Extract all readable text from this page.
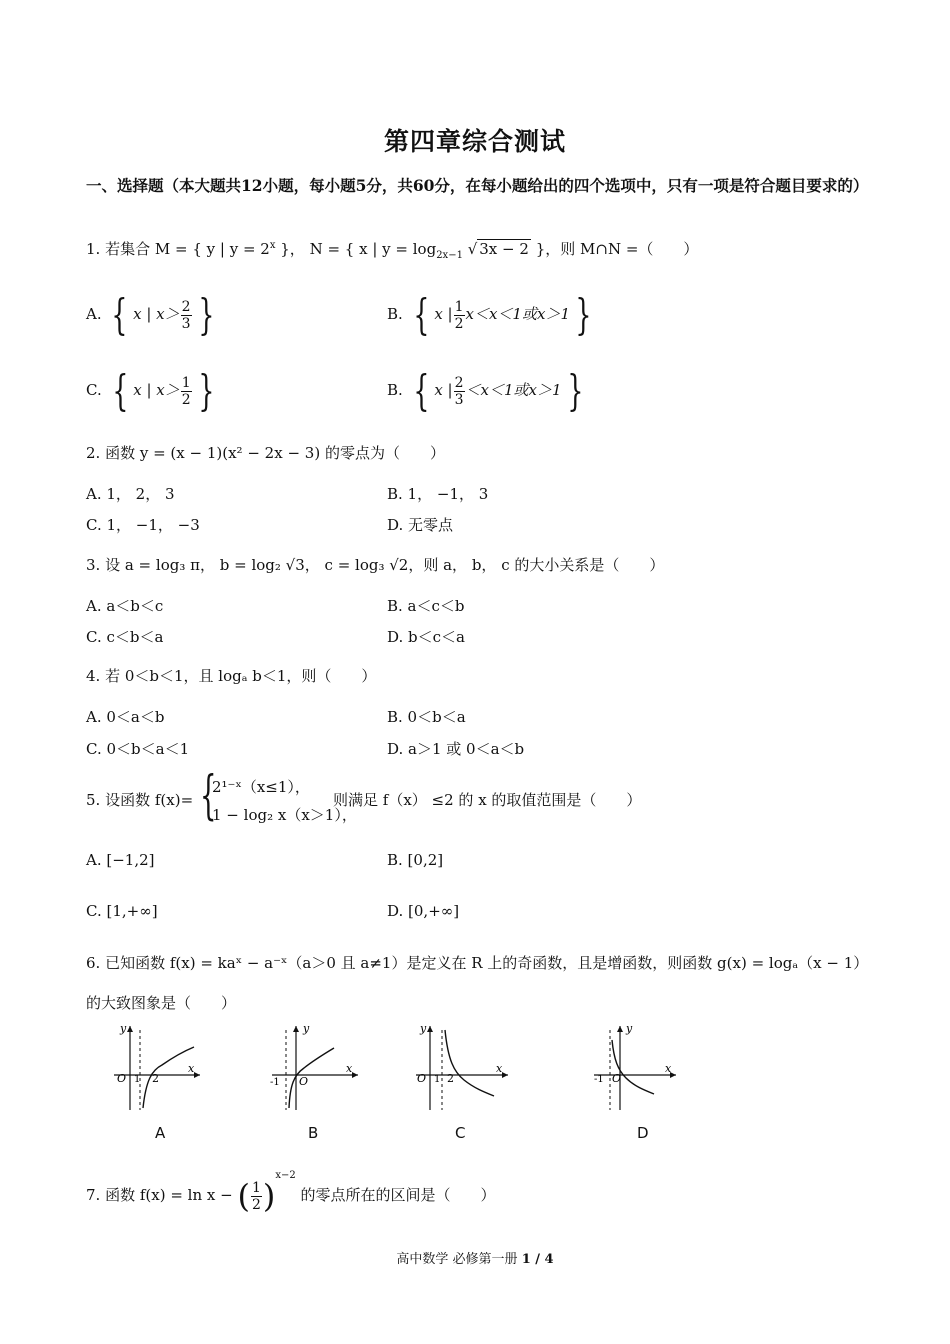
第四章综合测试
一、选择题（本大题共12小题，每小题5分，共60分，在每小题给出的四个选项中，只有一项是符合题目要求的）
1. 若集合 M = { y | $y = 2^x$ }， N = { x | $y = \log_{2x-1}$ √ 3x − 2 }，则 M∩N =（　　）
A. { x | $x> \frac{2}{3}$ }	B. { x | $\frac{1}{2} x<x<1$或x＞1 }
C. { x | $x> \frac{1}{2}$ }	B. { x | $\frac{2}{3} <x<1$或x＞1 }
2. 函数 y = (x − 1)(x² − 2x − 3) 的零点为（　　）
A. 1， 2， 3	B. 1， −1， 3
C. 1， −1， −3	D. 无零点
3. 设 a = log₃ π， b = log₂ √3， c = log₃ √2，则 a， b， c 的大小关系是（　　）
A. a＜b＜c	B. a＜c＜b
C. c＜b＜a	D. b＜c＜a
4. 若 0＜b＜1，且 logₐ b＜1，则（　　）
A. 0＜a＜b	B. 0＜b＜a
C. 0＜b＜a＜1	D. a＞1 或 0＜a＜b
5. 设函数 f(x)= {
2¹⁻ˣ（x≤1），
1 − log₂ x（x＞1），
则满足 f（x） ≤2 的 x 的取值范围是（　　）
A. [−1,2]	B. [0,2]
C. [1,+∞]	D. [0,+∞]
6. 已知函数 f(x) = kaˣ − a⁻ˣ（a＞0 且 a≠1）是定义在 R 上的奇函数，且是增函数，则函数 g(x) = logₐ（x − 1）
的大致图象是（　　）
O 1 2
y
x
A
-1 O
y
x
B
O 1 2
y
x
C
-1 O
y
x
D
7. 函数 f(x) = ln x − ( $\frac{1}{2} )^{x-2}$ 的零点所在的区间是（　　）
高中数学 必修第一册 1 / 4
